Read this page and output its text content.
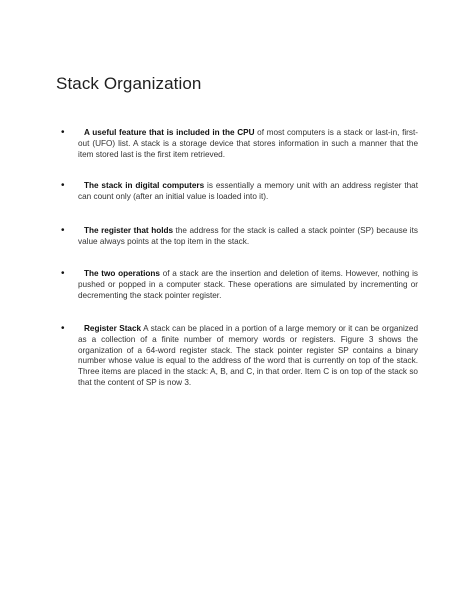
Stack Organization
•	A useful feature that is included in the CPU of most computers is a stack or last-in, first-out (UFO) list. A stack is a storage device that stores information in such a manner that the item stored last is the first item retrieved.

•	The stack in digital computers is essentially a memory unit with an address register that can count only (after an initial value is loaded into it).

•	The register that holds the address for the stack is called a stack pointer (SP) because its value always points at the top item in the stack.

•	The two operations of a stack are the insertion and deletion of items. However, nothing is pushed or popped in a computer stack. These operations are simulated by incrementing or decrementing the stack pointer register.

•	Register Stack A stack can be placed in a portion of a large memory or it can be organized as a collection of a finite number of memory words or registers. Figure 3 shows the organization of a 64-word register stack. The stack pointer register SP contains a binary number whose value is equal to the address of the word that is currently on top of the stack. Three items are placed in the stack: A, B, and C, in that order. Item C is on top of the stack so that the content of SP is now 3.
